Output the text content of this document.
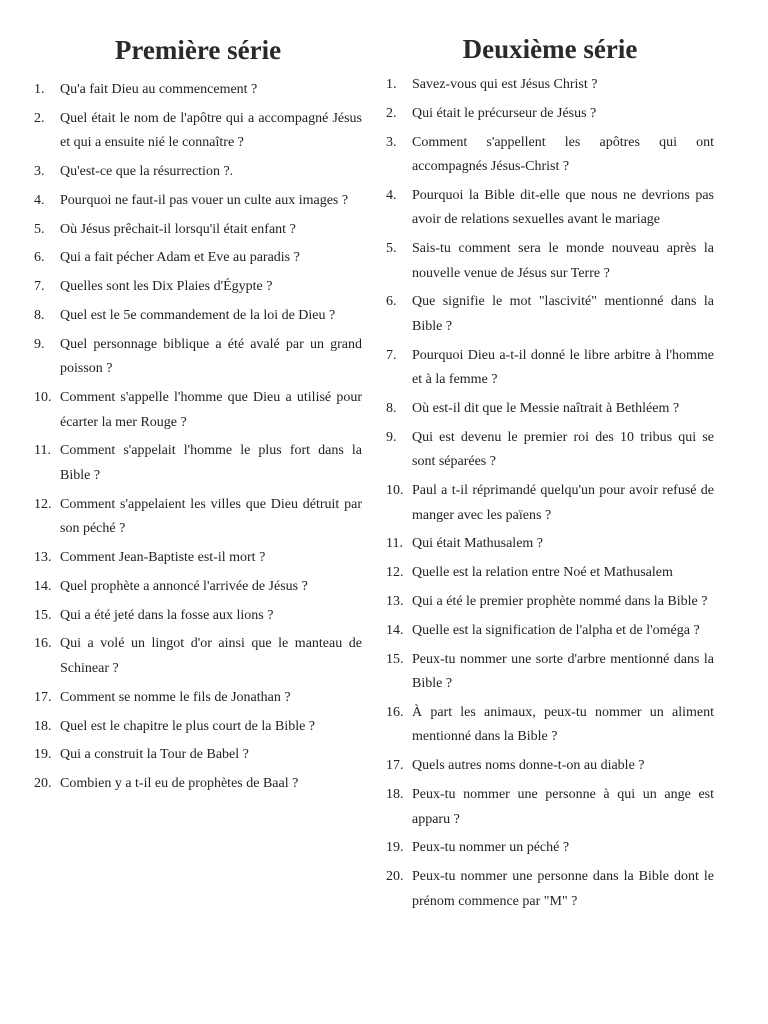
Première série
1.	Qu'a fait Dieu au commencement ?
2.	Quel était le nom de l'apôtre qui a accompagné Jésus et qui a ensuite nié le connaître ?
3.	Qu'est-ce que la résurrection ?.
4.	Pourquoi ne faut-il pas vouer un culte aux images ?
5.	Où Jésus prêchait-il lorsqu'il était enfant ?
6.	Qui a fait pécher Adam et Eve au paradis ?
7.	Quelles sont les Dix Plaies d'Égypte ?
8.	Quel est le 5e commandement de la loi de Dieu ?
9.	Quel personnage biblique a été avalé par un grand poisson ?
10. Comment s'appelle l'homme que Dieu a utilisé pour écarter la mer Rouge ?
11. Comment s'appelait l'homme le plus fort dans la Bible ?
12. Comment s'appelaient les villes que Dieu détruit par son péché ?
13. Comment Jean-Baptiste est-il mort ?
14. Quel prophète a annoncé l'arrivée de Jésus ?
15. Qui a été jeté dans la fosse aux lions ?
16. Qui a volé un lingot d'or ainsi que le manteau de Schinear ?
17. Comment se nomme le fils de Jonathan ?
18. Quel est le chapitre le plus court de la Bible ?
19. Qui a construit la Tour de Babel ?
20. Combien y a t-il eu de prophètes de Baal ?
Deuxième série
1.	Savez-vous qui est Jésus Christ ?
2.	Qui était le précurseur de Jésus ?
3.	Comment s'appellent les apôtres qui ont accompagnés Jésus-Christ ?
4.	Pourquoi la Bible dit-elle que nous ne devrions pas avoir de relations sexuelles avant le mariage
5.	Sais-tu comment sera le monde nouveau après la nouvelle venue de Jésus sur Terre ?
6.	Que signifie le mot "lascivité" mentionné dans la Bible ?
7.	Pourquoi Dieu a-t-il donné le libre arbitre à l'homme et à la femme ?
8.	Où est-il dit que le Messie naîtrait à Bethléem ?
9.	Qui est devenu le premier roi des 10 tribus qui se sont séparées ?
10. Paul a t-il réprimandé quelqu'un pour avoir refusé de manger avec les païens ?
11. Qui était Mathusalem ?
12. Quelle est la relation entre Noé et Mathusalem
13. Qui a été le premier prophète nommé dans la Bible ?
14. Quelle est la signification de l'alpha et de l'oméga ?
15. Peux-tu nommer une sorte d'arbre mentionné dans la Bible ?
16. À part les animaux, peux-tu nommer un aliment mentionné dans la Bible ?
17. Quels autres noms donne-t-on au diable ?
18. Peux-tu nommer une personne à qui un ange est apparu ?
19. Peux-tu nommer un péché ?
20. Peux-tu nommer une personne dans la Bible dont le prénom commence par "M" ?
